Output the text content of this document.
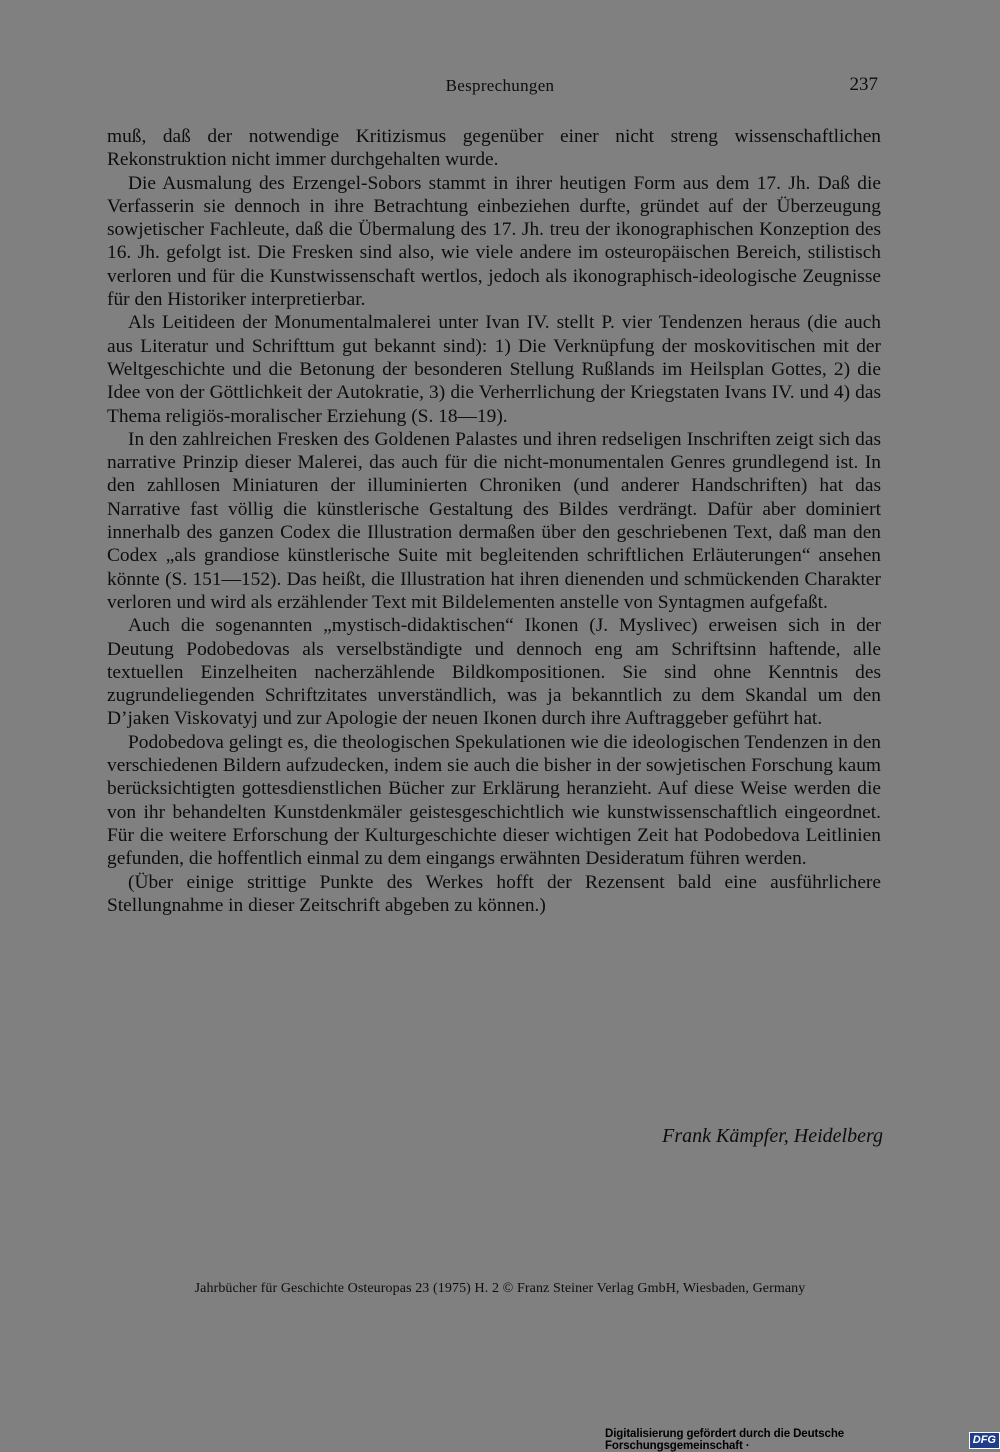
Besprechungen	237

muß, daß der notwendige Kritizismus gegenüber einer nicht streng wissenschaftlichen Rekonstruktion nicht immer durchgehalten wurde.

Die Ausmalung des Erzengel-Sobors stammt in ihrer heutigen Form aus dem 17. Jh. Daß die Verfasserin sie dennoch in ihre Betrachtung einbeziehen durfte, gründet auf der Überzeugung sowjetischer Fachleute, daß die Übermalung des 17. Jh. treu der ikonographischen Konzeption des 16. Jh. gefolgt ist. Die Fresken sind also, wie viele andere im osteuropäischen Bereich, stilistisch verloren und für die Kunstwissenschaft wertlos, jedoch als ikonographisch-ideologische Zeugnisse für den Historiker interpretierbar.

Als Leitideen der Monumentalmalerei unter Ivan IV. stellt P. vier Tendenzen heraus (die auch aus Literatur und Schrifttum gut bekannt sind): 1) Die Verknüpfung der moskovitischen mit der Weltgeschichte und die Betonung der besonderen Stellung Rußlands im Heilsplan Gottes, 2) die Idee von der Göttlichkeit der Autokratie, 3) die Verherrlichung der Kriegstaten Ivans IV. und 4) das Thema religiös-moralischer Erziehung (S. 18—19).

In den zahlreichen Fresken des Goldenen Palastes und ihren redseligen Inschriften zeigt sich das narrative Prinzip dieser Malerei, das auch für die nicht-monumentalen Genres grundlegend ist. In den zahllosen Miniaturen der illuminierten Chroniken (und anderer Handschriften) hat das Narrative fast völlig die künstlerische Gestaltung des Bildes verdrängt. Dafür aber dominiert innerhalb des ganzen Codex die Illustration dermaßen über den geschriebenen Text, daß man den Codex „als grandiose künstlerische Suite mit begleitenden schriftlichen Erläuterungen“ ansehen könnte (S. 151—152). Das heißt, die Illustration hat ihren dienenden und schmückenden Charakter verloren und wird als erzählender Text mit Bildelementen anstelle von Syntagmen aufgefaßt.

Auch die sogenannten „mystisch-didaktischen“ Ikonen (J. Myslivec) erweisen sich in der Deutung Podobedovas als verselbständigte und dennoch eng am Schriftsinn haftende, alle textuellen Einzelheiten nacherzählende Bildkompositionen. Sie sind ohne Kenntnis des zugrundeliegenden Schriftzitates unverständlich, was ja bekanntlich zu dem Skandal um den D’jaken Viskovatyj und zur Apologie der neuen Ikonen durch ihre Auftraggeber geführt hat.

Podobedova gelingt es, die theologischen Spekulationen wie die ideologischen Tendenzen in den verschiedenen Bildern aufzudecken, indem sie auch die bisher in der sowjetischen Forschung kaum berücksichtigten gottesdienstlichen Bücher zur Erklärung heranzieht. Auf diese Weise werden die von ihr behandelten Kunstdenkmäler geistesgeschichtlich wie kunstwissenschaftlich eingeordnet. Für die weitere Erforschung der Kulturgeschichte dieser wichtigen Zeit hat Podobedova Leitlinien gefunden, die hoffentlich einmal zu dem eingangs erwähnten Desideratum führen werden.

(Über einige strittige Punkte des Werkes hofft der Rezensent bald eine ausführlichere Stellungnahme in dieser Zeitschrift abgeben zu können.)

Frank Kämpfer, Heidelberg
Jahrbücher für Geschichte Osteuropas 23 (1975) H. 2 © Franz Steiner Verlag GmbH, Wiesbaden, Germany
Digitalisierung gefördert durch die Deutsche Forschungsgemeinschaft ·
DFG
